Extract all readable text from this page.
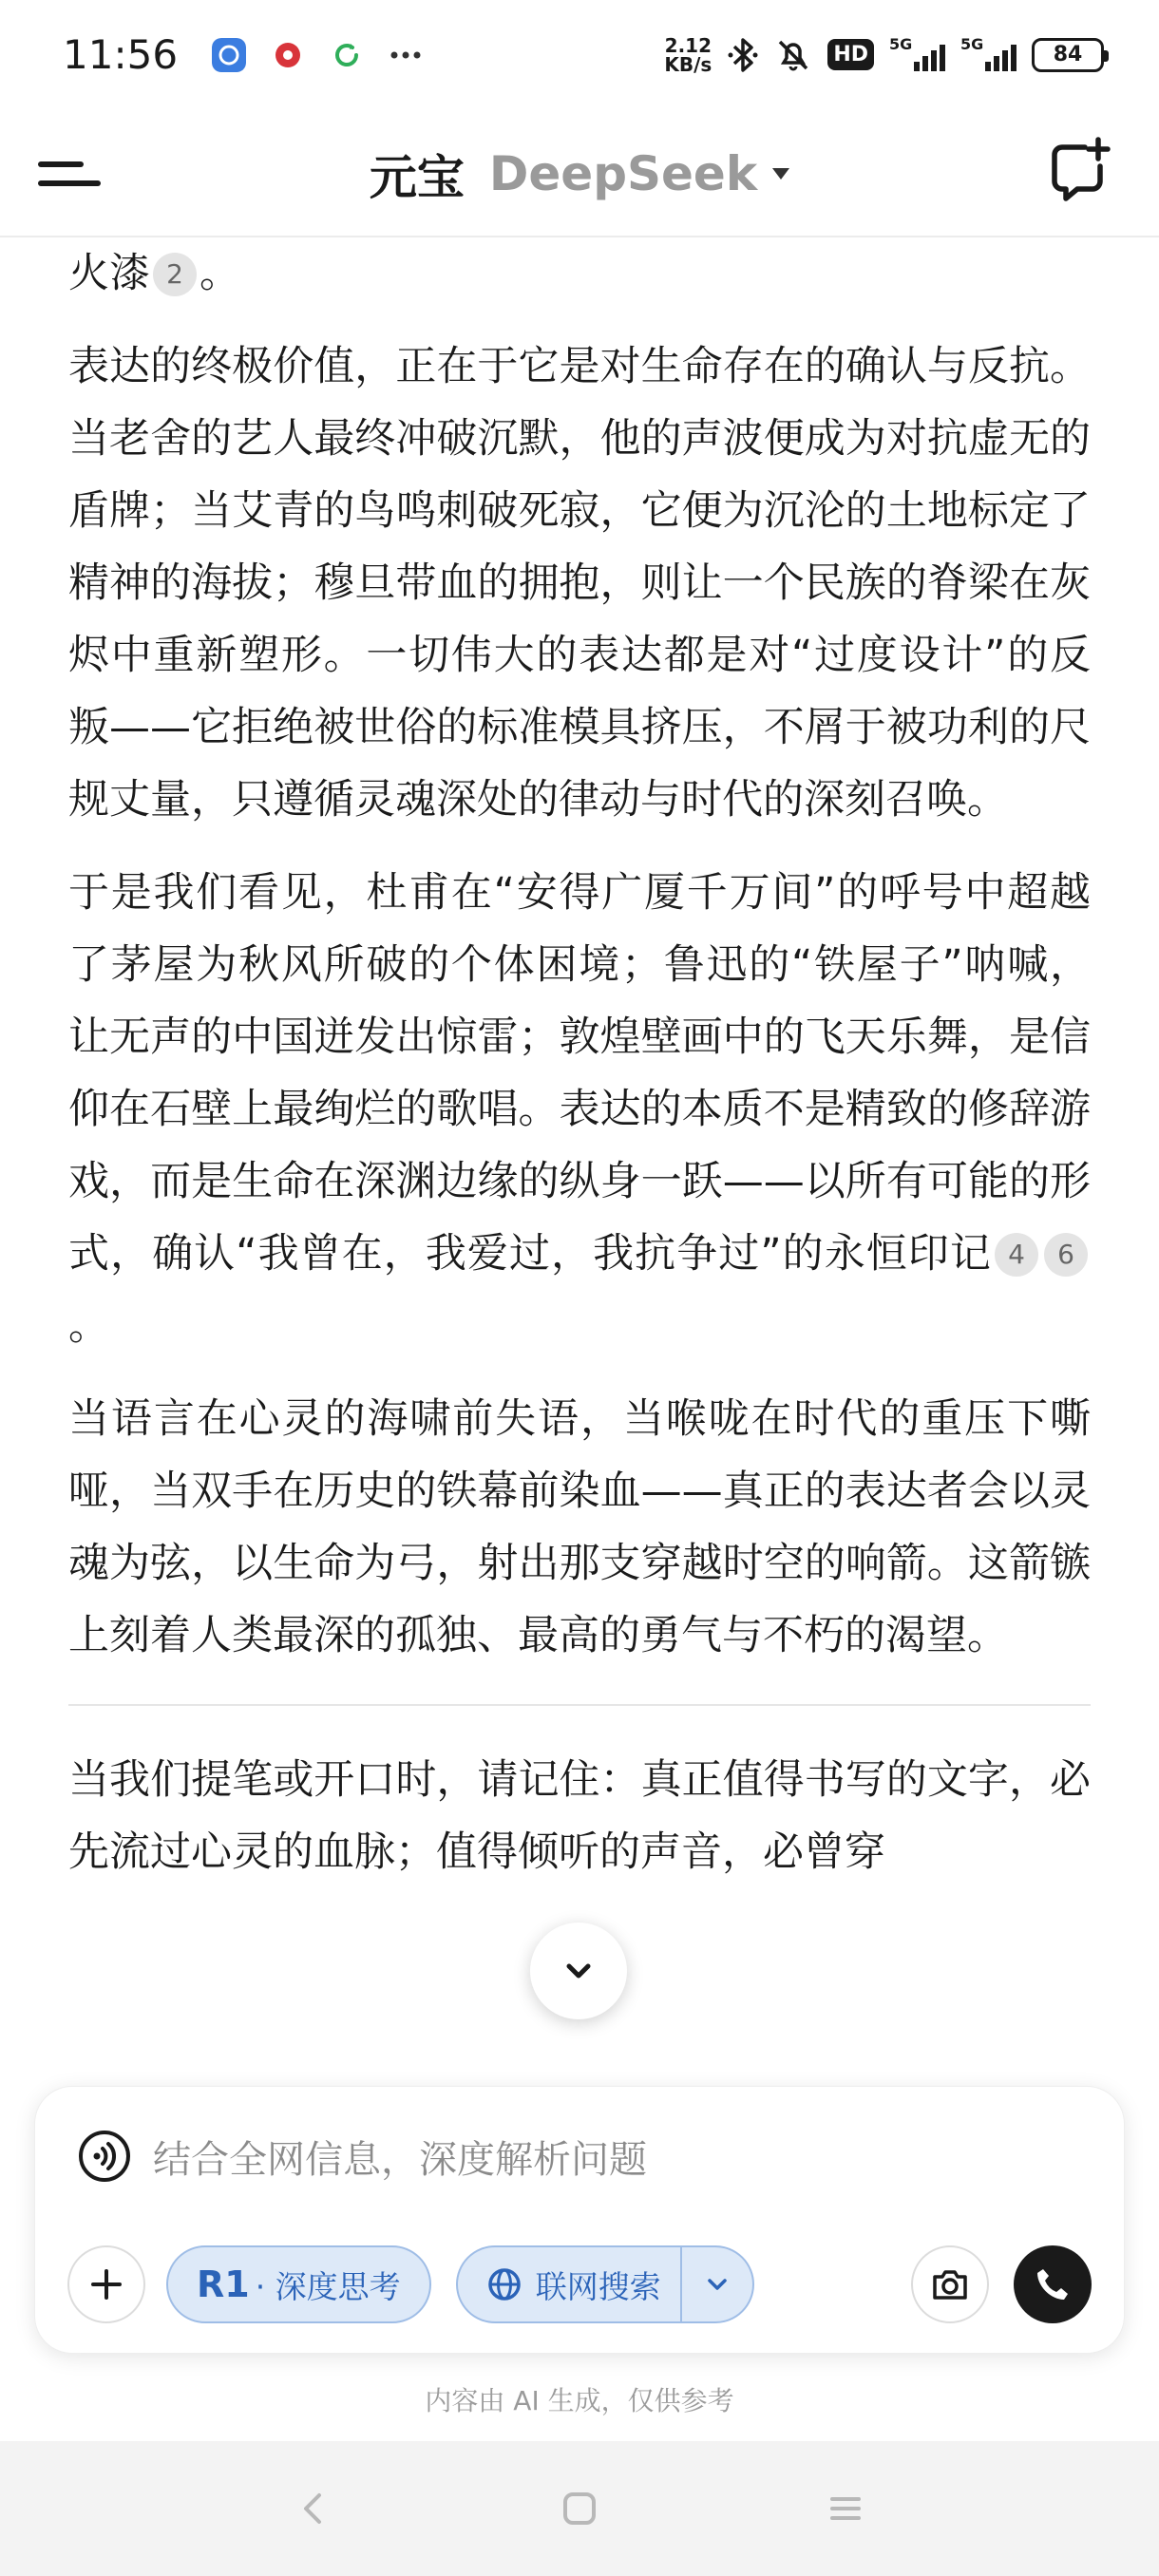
11:56	2.12
KB/s	HD	5G	5G	84
元宝 DeepSeek
火漆 2 。
表达的终极价值，正在于它是对生命存在的确认与反抗。当老舍的艺人最终冲破沉默，他的声波便成为对抗虚无的盾牌；当艾青的鸟鸣刺破死寂，它便为沉沦的土地标定了精神的海拔；穆旦带血的拥抱，则让一个民族的脊梁在灰烬中重新塑形。一切伟大的表达都是对“过度设计”的反叛——它拒绝被世俗的标准模具挤压，不屑于被功利的尺规丈量，只遵循灵魂深处的律动与时代的深刻召唤。
于是我们看见，杜甫在“安得广厦千万间”的呼号中超越了茅屋为秋风所破的个体困境；鲁迅的“铁屋子”呐喊，让无声的中国迸发出惊雷；敦煌壁画中的飞天乐舞，是信仰在石壁上最绚烂的歌唱。表达的本质不是精致的修辞游戏，而是生命在深渊边缘的纵身一跃——以所有可能的形式，确认“我曾在，我爱过，我抗争过”的永恒印记 4 6。
当语言在心灵的海啸前失语，当喉咙在时代的重压下嘶哑，当双手在历史的铁幕前染血——真正的表达者会以灵魂为弦，以生命为弓，射出那支穿越时空的响箭。这箭镞上刻着人类最深的孤独、最高的勇气与不朽的渴望。
当我们提笔或开口时，请记住：真正值得书写的文字，必先流过心灵的血脉；值得倾听的声音，必曾穿
结合全网信息，深度解析问题
R1 · 深度思考	联网搜索
内容由 AI 生成，仅供参考
